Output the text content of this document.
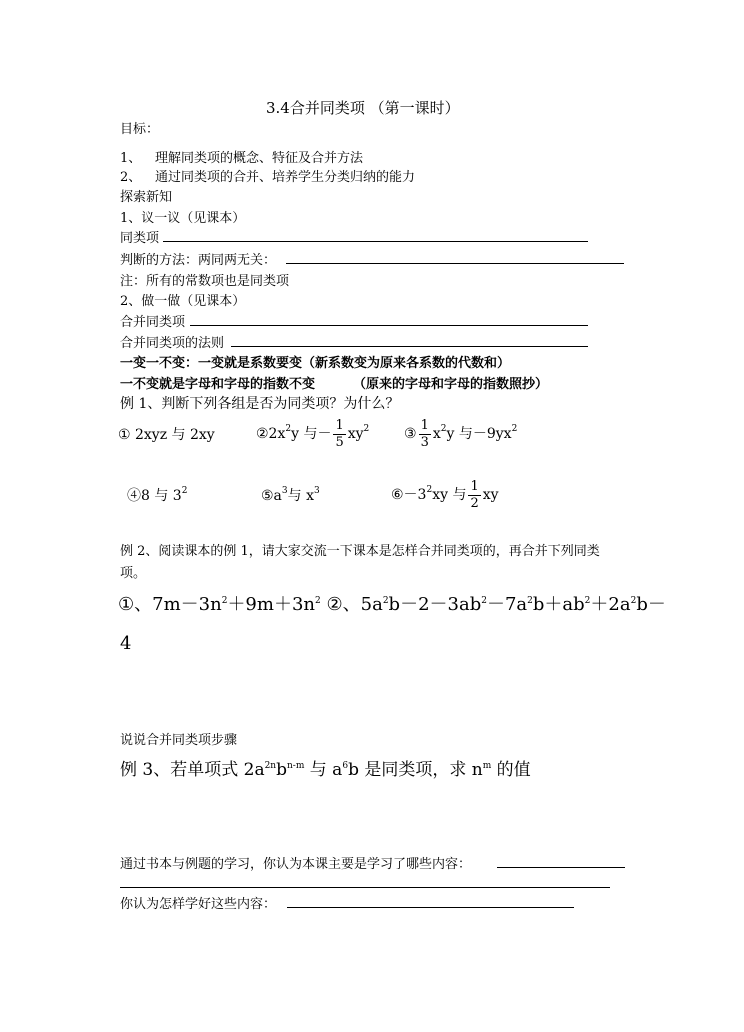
3.4合并同类项 （第一课时）
目标：
1、 理解同类项的概念、特征及合并方法
2、 通过同类项的合并、培养学生分类归纳的能力
探索新知
1、议一议（见课本）
同类项
判断的方法：两同两无关：
注：所有的常数项也是同类项
2、做一做（见课本）
合并同类项
合并同类项的法则
一变一不变：一变就是系数要变（新系数变为原来各系数的代数和）
一不变就是字母和字母的指数不变	（原来的字母和字母的指数照抄）
例 1、判断下列各组是否为同类项？为什么？
① 2xyz 与 2xy	$②2x^2y$ 与－ $\frac{1}{5} xy^2$ ③ $\frac{1}{3} x^2y$ 与$-9yx^2$
④8 与 $3^2$	$⑤a^3$与 $x^3$	$⑥-3^2xy$ 与 $\frac{1}{2}$ xy
例 2、阅读课本的例 1，请大家交流一下课本是怎样合并同类项的，再合并下列同类
项。
①、$7m-3n^2+9m+3n^2$ ②、$5a^2b-2-3ab^2-7a^2b+ab^2+2a^2b-$
4
说说合并同类项步骤
例 3、若单项式 $2a^{2n}b^{n-m}$ 与 $a^6b$ 是同类项，求 $n^m$ 的值
通过书本与例题的学习，你认为本课主要是学习了哪些内容：
你认为怎样学好这些内容：
